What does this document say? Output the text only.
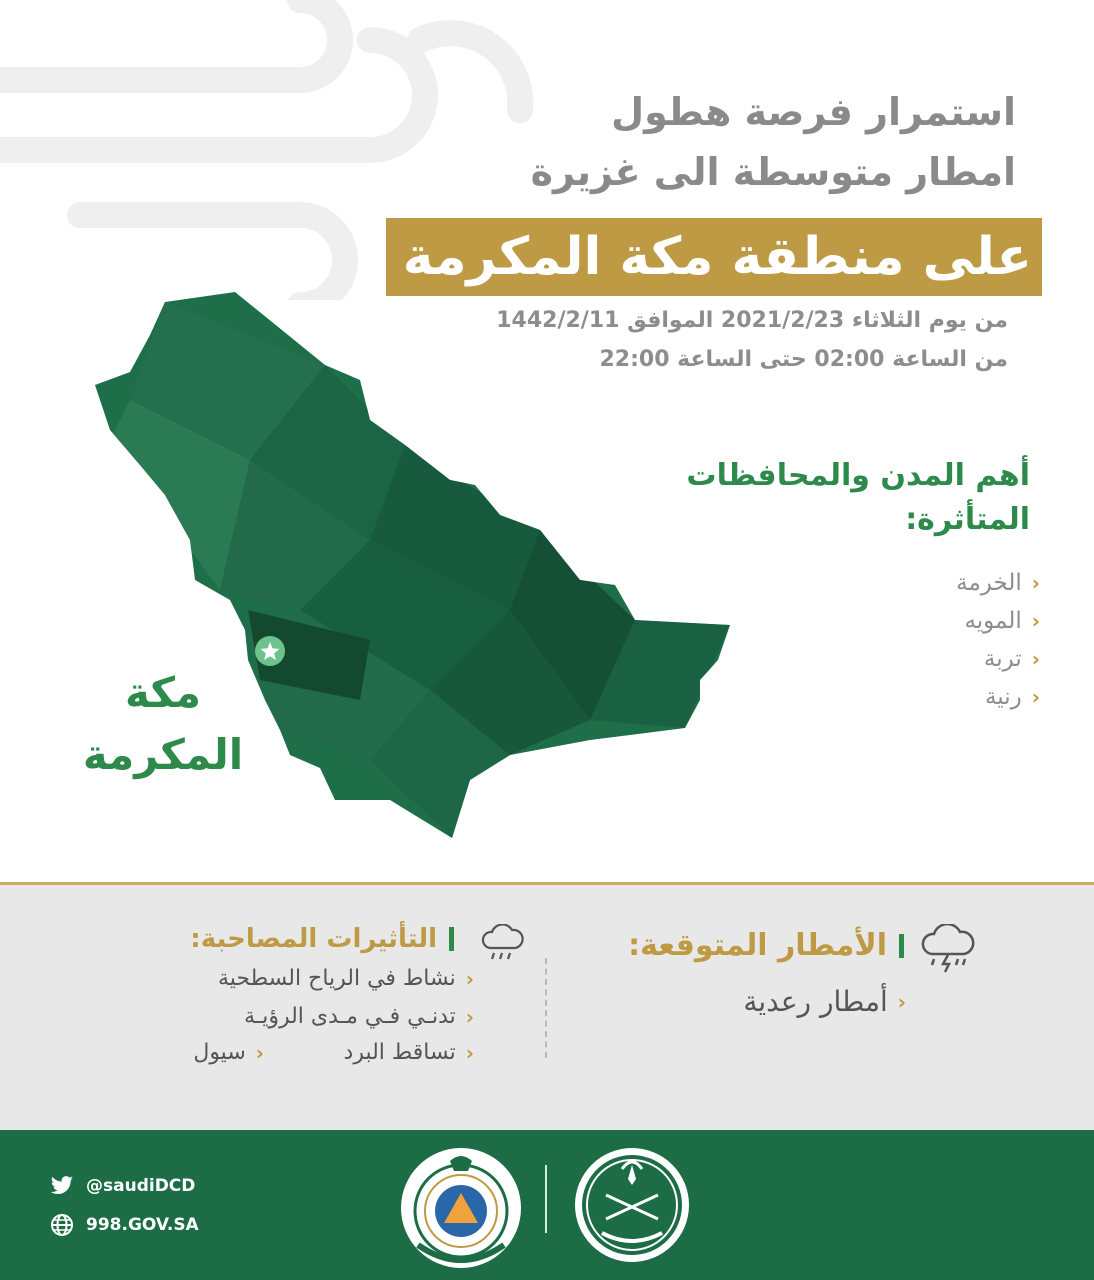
استمرار فرصة هطول
امطار متوسطة الى غزيرة
على منطقة مكة المكرمة
من يوم الثلاثاء 2021/2/23 الموافق 1442/2/11
من الساعة 02:00 حتى الساعة 22:00
مكة
المكرمة
أهم المدن والمحافظات المتأثرة:
‹
الخرمة
‹
المويه
‹
تربة
‹
رنية
الأمطار المتوقعة:
‹
أمطار رعدية
التأثيرات المصاحبة:
‹
نشاط في الرياح السطحية
‹
تدنـي فـي مـدى الرؤيـة
‹
تساقط البرد
‹
سيول
@saudiDCD
998.GOV.SA
